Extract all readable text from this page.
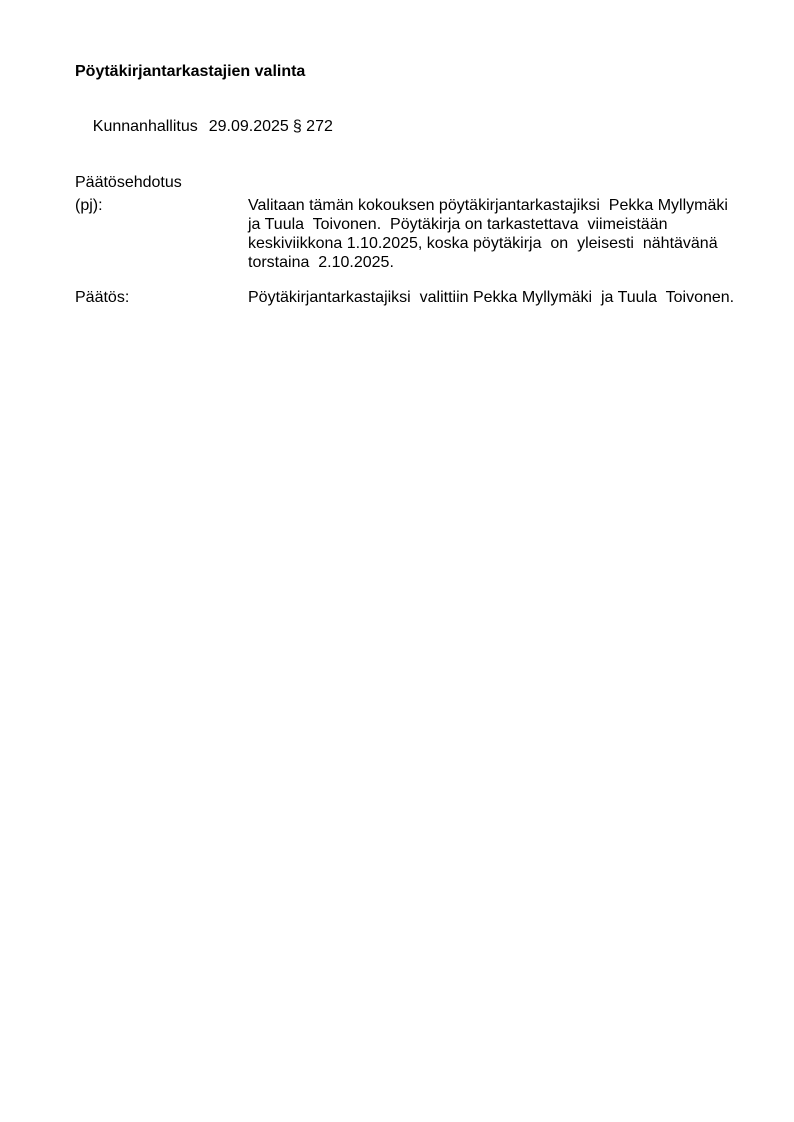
Pöytäkirjantarkastajien valinta

Kunnanhallitus 29.09.2025 § 272

Päätösehdotus
(pj):	Valitaan tämän kokouksen pöytäkirjantarkastajiksi  Pekka Myllymäki
ja Tuula  Toivonen.  Pöytäkirja on tarkastettava  viimeistään
keskiviikkona 1.10.2025, koska pöytäkirja  on  yleisesti  nähtävänä
torstaina  2.10.2025.
Päätös:	Pöytäkirjantarkastajiksi  valittiin Pekka Myllymäki  ja Tuula  Toivonen.
